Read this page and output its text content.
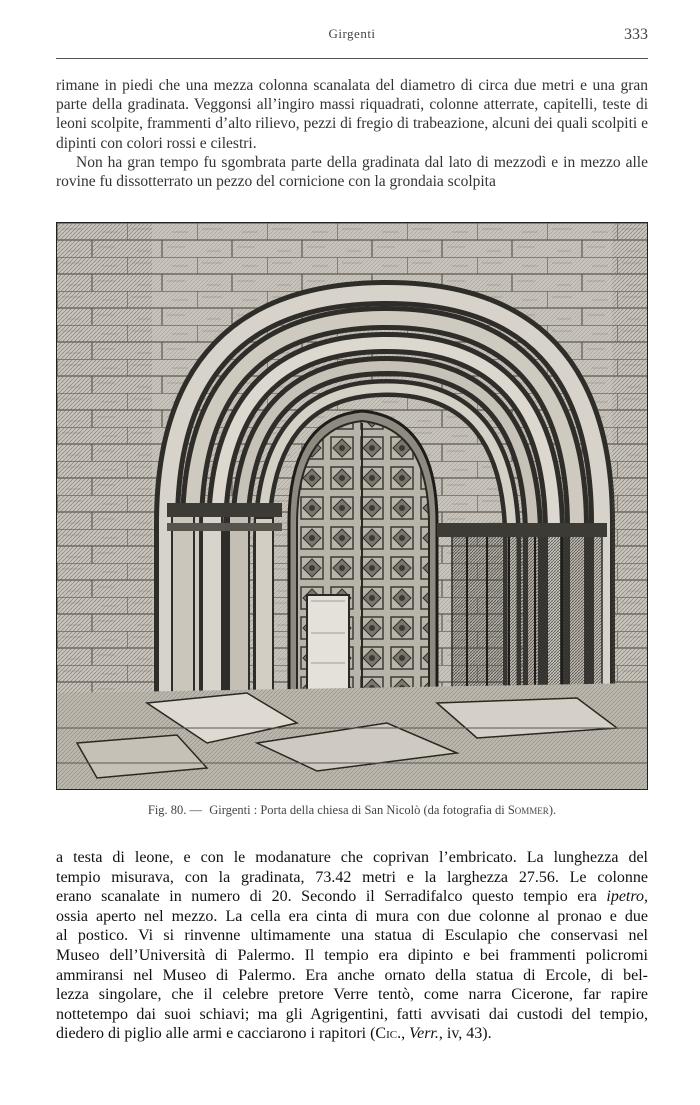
Girgenti	333

rimane in piedi che una mezza colonna scanalata del diametro di circa due metri e una gran parte della gradinata. Veggonsi all’ingiro massi riquadrati, colonne atterrate, capitelli, teste di leoni scolpite, frammenti d’alto rilievo, pezzi di fregio di trabeazione, alcuni dei quali scolpiti e dipinti con colori rossi e cilestri.

Non ha gran tempo fu sgombrata parte della gradinata dal lato di mezzodì e in mezzo alle rovine fu dissotterrato un pezzo del cornicione con la grondaia scolpita

Fig. 80. — Girgenti : Porta della chiesa di San Nicolò (da fotografia di Sommer).
a testa di leone, e con le modanature che coprivan l’embricato. La lunghezza del
tempio misurava, con la gradinata, 73.42 metri e la larghezza 27.56. Le colonne
erano scanalate in numero di 20. Secondo il Serradifalco questo tempio era ipetro,
ossia aperto nel mezzo. La cella era cinta di mura con due colonne al pronao e due
al postico. Vi si rinvenne ultimamente una statua di Esculapio che conservasi nel
Museo dell’Università di Palermo. Il tempio era dipinto e bei frammenti policromi
ammiransi nel Museo di Palermo. Era anche ornato della statua di Ercole, di bel-
lezza singolare, che il celebre pretore Verre tentò, come narra Cicerone, far rapire
nottetempo dai suoi schiavi; ma gli Agrigentini, fatti avvisati dai custodi del tempio,
diedero di piglio alle armi e cacciarono i rapitori (Cic., Verr., iv, 43).
